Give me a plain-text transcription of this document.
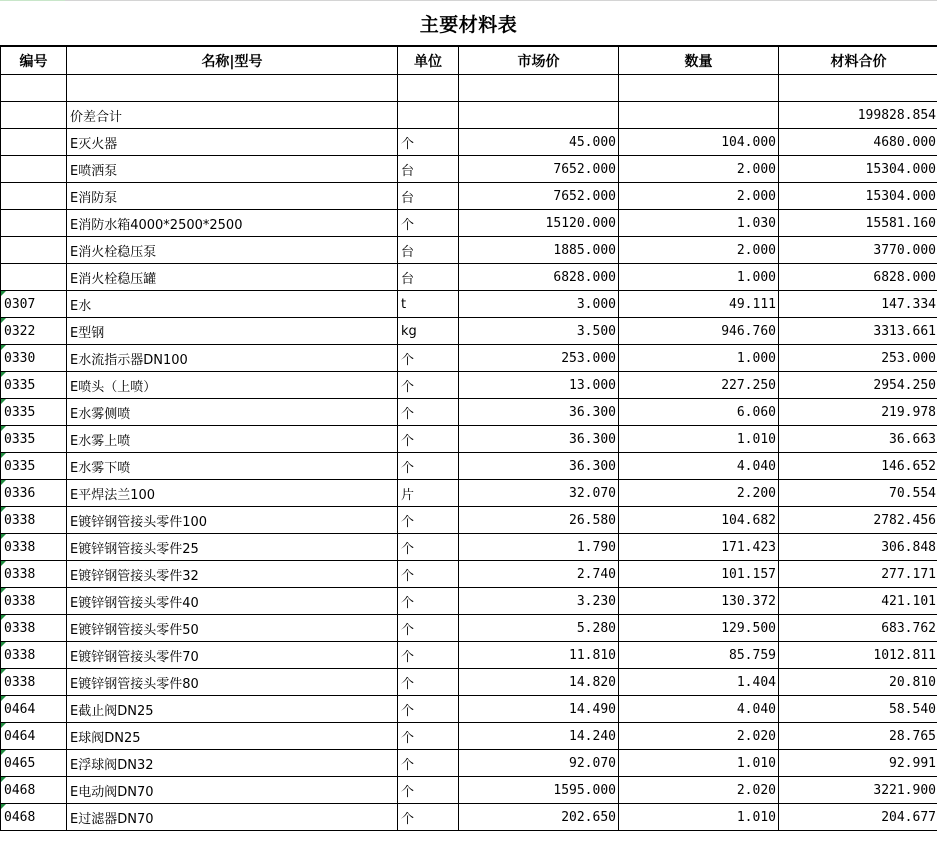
主要材料表
编号	名称|型号	单位	市场价	数量	材料合价

	价差合计				199828.854
	E灭火器	个	45.000	104.000	4680.000
	E喷洒泵	台	7652.000	2.000	15304.000
	E消防泵	台	7652.000	2.000	15304.000
	E消防水箱4000*2500*2500	个	15120.000	1.030	15581.160
	E消火栓稳压泵	台	1885.000	2.000	3770.000
	E消火栓稳压罐	台	6828.000	1.000	6828.000

0307	E水	t	3.000	49.111	147.334

0322	E型钢	kg	3.500	946.760	3313.661

0330	E水流指示器DN100	个	253.000	1.000	253.000

0335	E喷头（上喷）	个	13.000	227.250	2954.250

0335	E水雾侧喷	个	36.300	6.060	219.978

0335	E水雾上喷	个	36.300	1.010	36.663

0335	E水雾下喷	个	36.300	4.040	146.652

0336	E平焊法兰100	片	32.070	2.200	70.554

0338	E镀锌钢管接头零件100	个	26.580	104.682	2782.456

0338	E镀锌钢管接头零件25	个	1.790	171.423	306.848

0338	E镀锌钢管接头零件32	个	2.740	101.157	277.171

0338	E镀锌钢管接头零件40	个	3.230	130.372	421.101

0338	E镀锌钢管接头零件50	个	5.280	129.500	683.762

0338	E镀锌钢管接头零件70	个	11.810	85.759	1012.811

0338	E镀锌钢管接头零件80	个	14.820	1.404	20.810

0464	E截止阀DN25	个	14.490	4.040	58.540

0464	E球阀DN25	个	14.240	2.020	28.765

0465	E浮球阀DN32	个	92.070	1.010	92.991

0468	E电动阀DN70	个	1595.000	2.020	3221.900

0468	E过滤器DN70	个	202.650	1.010	204.677
